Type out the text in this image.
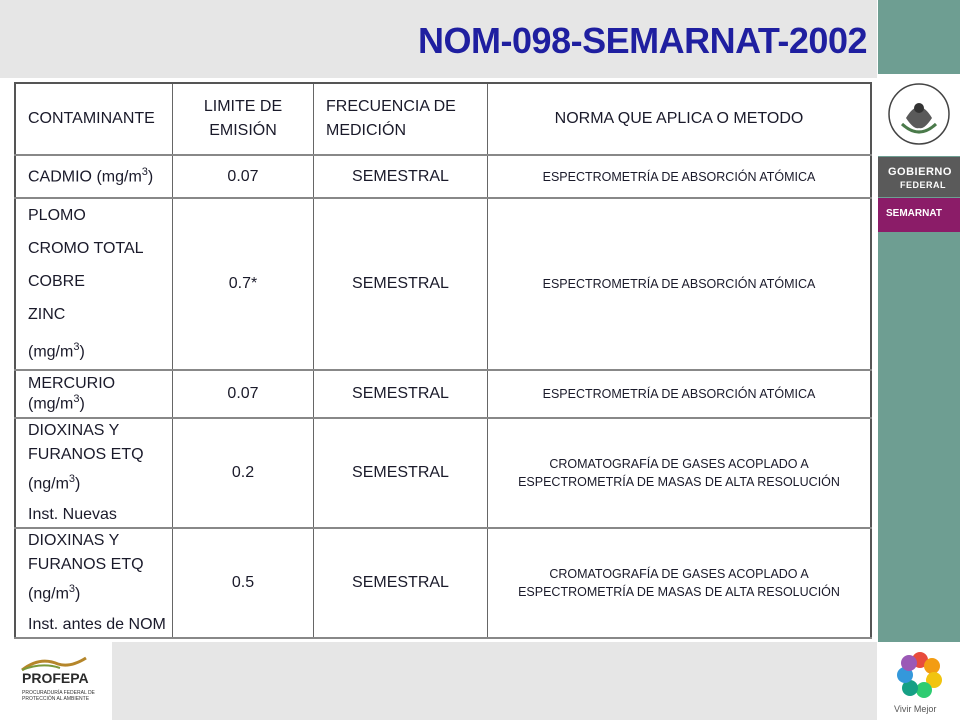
NOM-098-SEMARNAT-2002
GOBIERNO
FEDERAL
SEMARNAT
CONTAMINANTE	LIMITE DE EMISIÓN	FRECUENCIA DE MEDICIÓN	NORMA QUE APLICA O METODO
CADMIO $(mg/m^3)$	0.07	SEMESTRAL	ESPECTROMETRÍA DE ABSORCIÓN ATÓMICA

PLOMO
CROMO TOTAL
COBRE
ZINC
$(mg/m^3)$	0.7*	SEMESTRAL	ESPECTROMETRÍA DE ABSORCIÓN ATÓMICA
MERCURIO $(mg/m^3)$	0.07	SEMESTRAL	ESPECTROMETRÍA DE ABSORCIÓN ATÓMICA

DIOXINAS Y FURANOS ETQ $(ng/m^3)$
Inst. Nuevas	0.2	SEMESTRAL	CROMATOGRAFÍA DE GASES ACOPLADO A ESPECTROMETRÍA DE MASAS DE ALTA RESOLUCIÓN

DIOXINAS Y FURANOS ETQ $(ng/m^3)$
Inst. antes de NOM	0.5	SEMESTRAL	CROMATOGRAFÍA DE GASES ACOPLADO A ESPECTROMETRÍA DE MASAS DE ALTA RESOLUCIÓN
PROFEPA
PROCURADURÍA FEDERAL DE PROTECCIÓN AL AMBIENTE
Vivir Mejor
